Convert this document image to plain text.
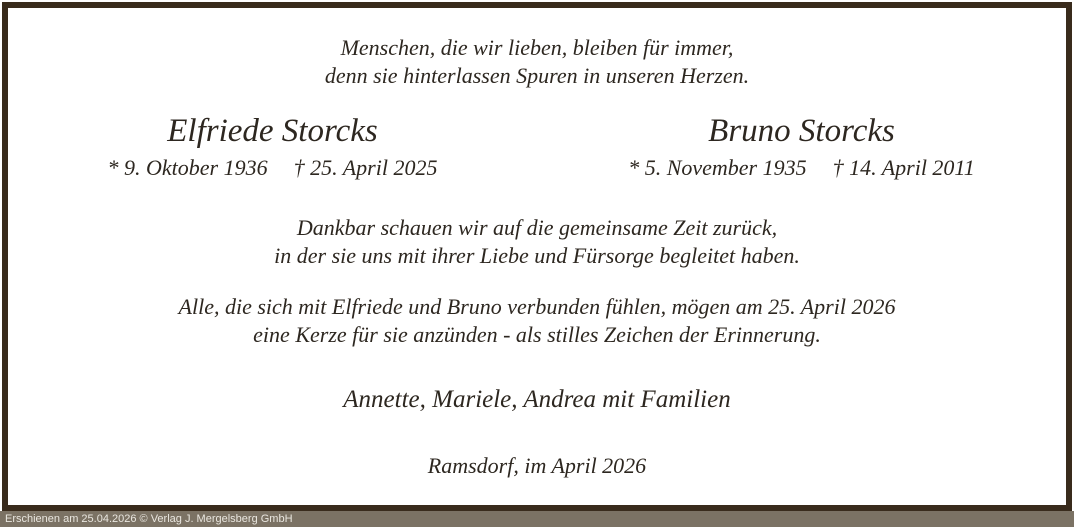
Menschen, die wir lieben, bleiben für immer,
denn sie hinterlassen Spuren in unseren Herzen.
Elfriede Storcks
* 9. Oktober 1936 † 25. April 2025
Bruno Storcks
* 5. November 1935 † 14. April 2011
Dankbar schauen wir auf die gemeinsame Zeit zurück,
in der sie uns mit ihrer Liebe und Fürsorge begleitet haben.
Alle, die sich mit Elfriede und Bruno verbunden fühlen, mögen am 25. April 2026
eine Kerze für sie anzünden - als stilles Zeichen der Erinnerung.
Annette, Mariele, Andrea mit Familien
Ramsdorf, im April 2026
Erschienen am 25.04.2026 © Verlag J. Mergelsberg GmbH
